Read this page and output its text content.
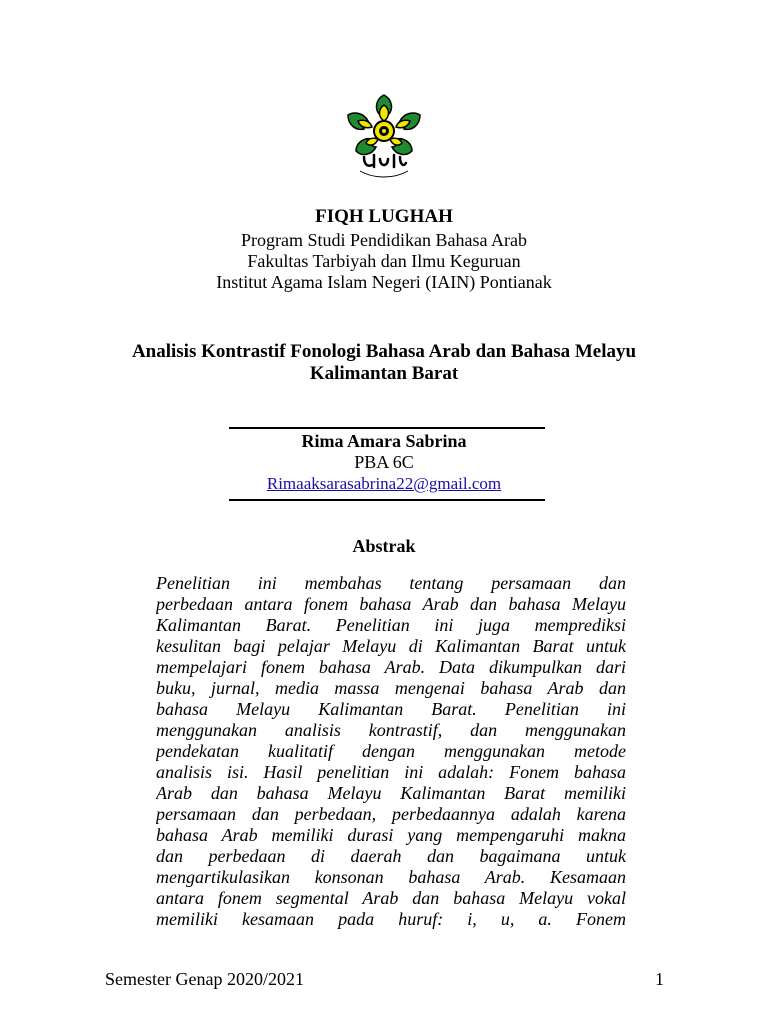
FIQH LUGHAH
Program Studi Pendidikan Bahasa Arab
Fakultas Tarbiyah dan Ilmu Keguruan
Institut Agama Islam Negeri (IAIN) Pontianak
Analisis Kontrastif Fonologi Bahasa Arab dan Bahasa Melayu
Kalimantan Barat
Rima Amara Sabrina
PBA 6C
Rimaaksarasabrina22@gmail.com
Abstrak
Penelitian ini membahas tentang persamaan dan
perbedaan antara fonem bahasa Arab dan bahasa Melayu
Kalimantan Barat. Penelitian ini juga memprediksi
kesulitan bagi pelajar Melayu di Kalimantan Barat untuk
mempelajari fonem bahasa Arab. Data dikumpulkan dari
buku, jurnal, media massa mengenai bahasa Arab dan
bahasa Melayu Kalimantan Barat. Penelitian ini
menggunakan analisis kontrastif, dan menggunakan
pendekatan kualitatif dengan menggunakan metode
analisis isi. Hasil penelitian ini adalah: Fonem bahasa
Arab dan bahasa Melayu Kalimantan Barat memiliki
persamaan dan perbedaan, perbedaannya adalah karena
bahasa Arab memiliki durasi yang mempengaruhi makna
dan perbedaan di daerah dan bagaimana untuk
mengartikulasikan konsonan bahasa Arab. Kesamaan
antara fonem segmental Arab dan bahasa Melayu vokal
memiliki kesamaan pada huruf: i, u, a. Fonem
Semester Genap 2020/2021	1
